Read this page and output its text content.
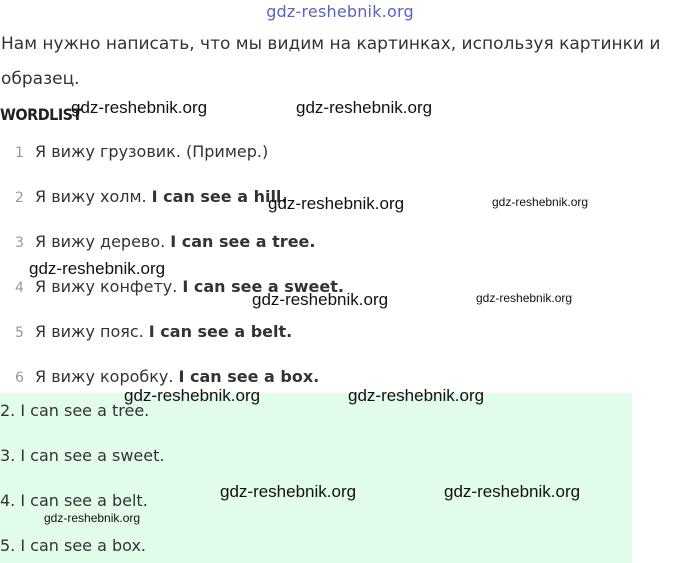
gdz-reshebnik.org
Нам нужно написать, что мы видим на картинках, используя картинки и
образец.
WORDLIST
1 Я вижу грузовик. (Пример.)
2 Я вижу холм. I can see a hill.
3 Я вижу дерево. I can see a tree.
4 Я вижу конфету. I can see a sweet.
5 Я вижу пояс. I can see a belt.
6 Я вижу коробку. I can see a box.
2. I can see a tree.
3. I can see a sweet.
4. I can see a belt.
5. I can see a box.
gdz-reshebnik.org	gdz-reshebnik.org
gdz-reshebnik.org	gdz-reshebnik.org
gdz-reshebnik.org
gdz-reshebnik.org	gdz-reshebnik.org
gdz-reshebnik.org	gdz-reshebnik.org
gdz-reshebnik.org	gdz-reshebnik.org
gdz-reshebnik.org
